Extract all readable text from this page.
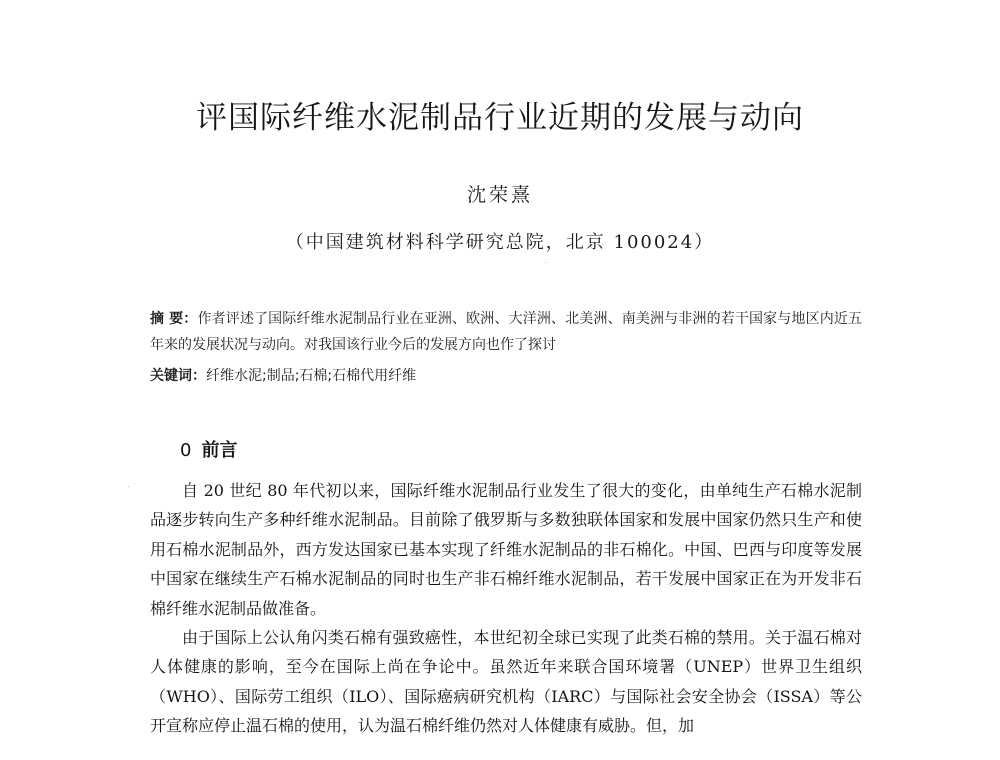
评国际纤维水泥制品行业近期的发展与动向
沈荣熹
（中国建筑材料科学研究总院，北京 100024）
摘 要：作者评述了国际纤维水泥制品行业在亚洲、欧洲、大洋洲、北美洲、南美洲与非洲的若干国家与地区内近五年来的发展状况与动向。对我国该行业今后的发展方向也作了探讨
关键词：纤维水泥;制品;石棉;石棉代用纤维
0 前言

自 20 世纪 80 年代初以来，国际纤维水泥制品行业发生了很大的变化，由单纯生产石棉水泥制品逐步转向生产多种纤维水泥制品。目前除了俄罗斯与多数独联体国家和发展中国家仍然只生产和使用石棉水泥制品外，西方发达国家已基本实现了纤维水泥制品的非石棉化。中国、巴西与印度等发展中国家在继续生产石棉水泥制品的同时也生产非石棉纤维水泥制品，若干发展中国家正在为开发非石棉纤维水泥制品做准备。

由于国际上公认角闪类石棉有强致癌性，本世纪初全球已实现了此类石棉的禁用。关于温石棉对人体健康的影响，至今在国际上尚在争论中。虽然近年来联合国环境署（UNEP）世界卫生组织（WHO）、国际劳工组织（ILO）、国际癌病研究机构（IARC）与国际社会安全协会（ISSA）等公开宣称应停止温石棉的使用，认为温石棉纤维仍然对人体健康有威胁。但，加
